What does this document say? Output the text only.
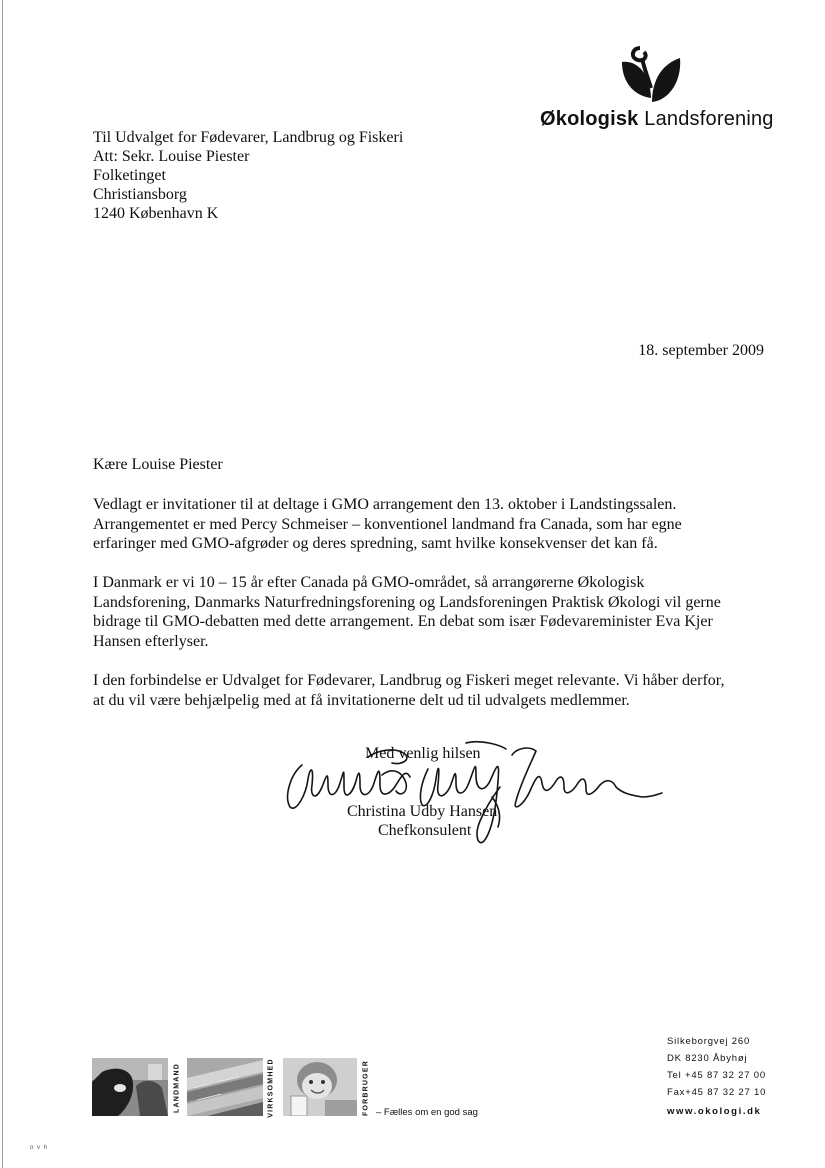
Økologisk Landsforening
Til Udvalget for Fødevarer, Landbrug og Fiskeri
Att: Sekr. Louise Piester
Folketinget
Christiansborg
1240 København K
18. september 2009
Kære Louise Piester
Vedlagt er invitationer til at deltage i GMO arrangement den 13. oktober i Landstingssalen.
Arrangementet er med Percy Schmeiser – konventionel landmand fra Canada, som har egne
erfaringer med GMO-afgrøder og deres spredning, samt hvilke konsekvenser det kan få.
I Danmark er vi 10 – 15 år efter Canada på GMO-området, så arrangørerne Økologisk
Landsforening, Danmarks Naturfredningsforening og Landsforeningen Praktisk Økologi vil gerne
bidrage til GMO-debatten med dette arrangement. En debat som især Fødevareminister Eva Kjer
Hansen efterlyser.
I den forbindelse er Udvalget for Fødevarer, Landbrug og Fiskeri meget relevante. Vi håber derfor,
at du vil være behjælpelig med at få invitationerne delt ud til udvalgets medlemmer.
Med venlig hilsen
Christina Udby Hansen
Chefkonsulent
Silkeborgvej 260
DK 8230 Åbyhøj
Tel +45 87 32 27 00
Fax+45 87 32 27 10
www.okologi.dk
LANDMAND	VIRKSOMHED	FORBRUGER – Fælles om en god sag
o v h
